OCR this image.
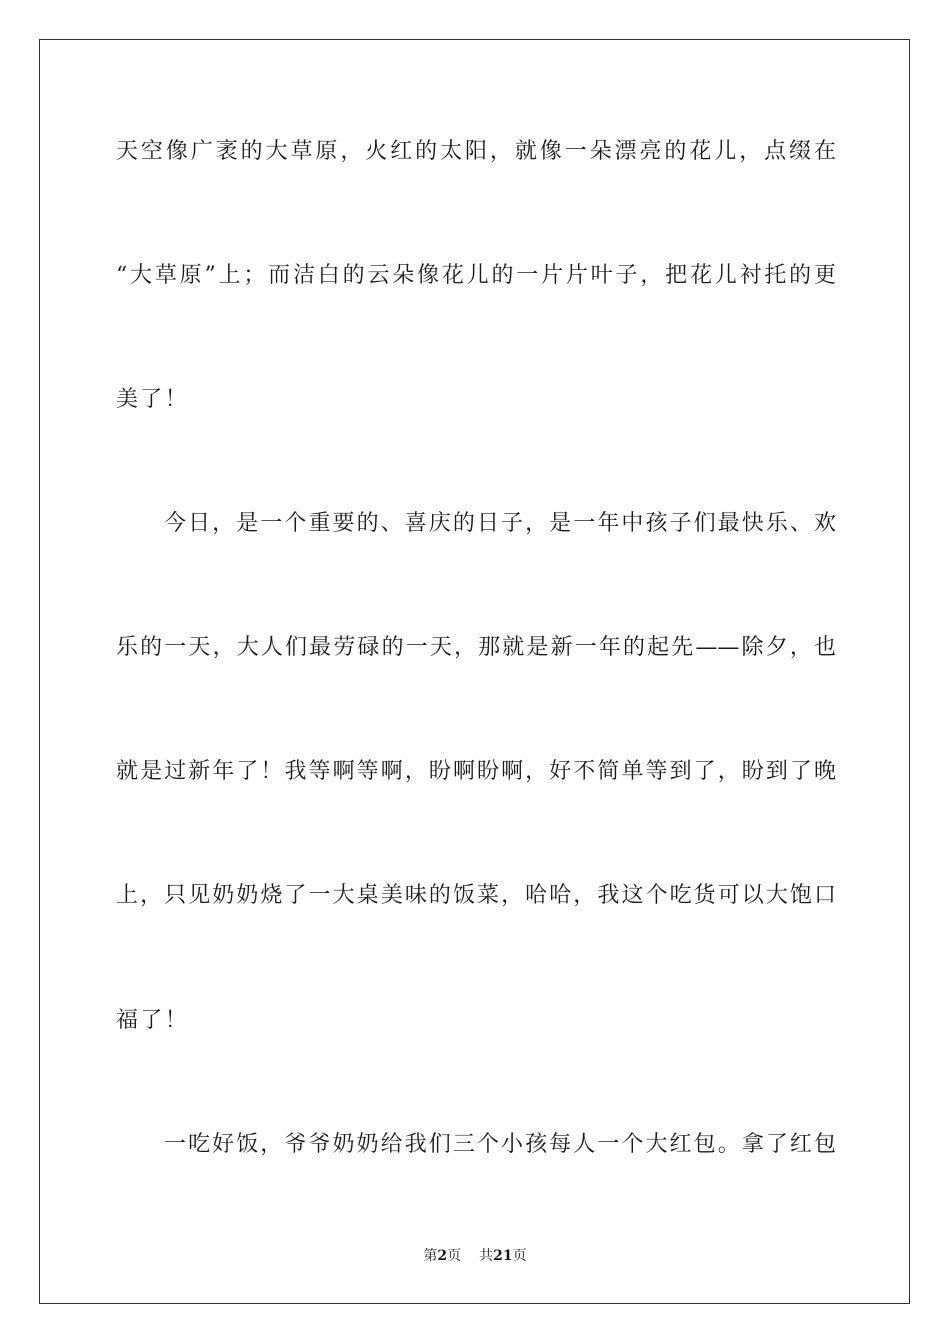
天空像广袤的大草原，火红的太阳，就像一朵漂亮的花儿，点缀在
“大草原”上；而洁白的云朵像花儿的一片片叶子，把花儿衬托的更
美了！
今日，是一个重要的、喜庆的日子，是一年中孩子们最快乐、欢
乐的一天，大人们最劳碌的一天，那就是新一年的起先——除夕，也
就是过新年了！我等啊等啊，盼啊盼啊，好不简单等到了，盼到了晚
上，只见奶奶烧了一大桌美味的饭菜，哈哈，我这个吃货可以大饱口
福了！
一吃好饭，爷爷奶奶给我们三个小孩每人一个大红包。拿了红包
第2页 共21页
